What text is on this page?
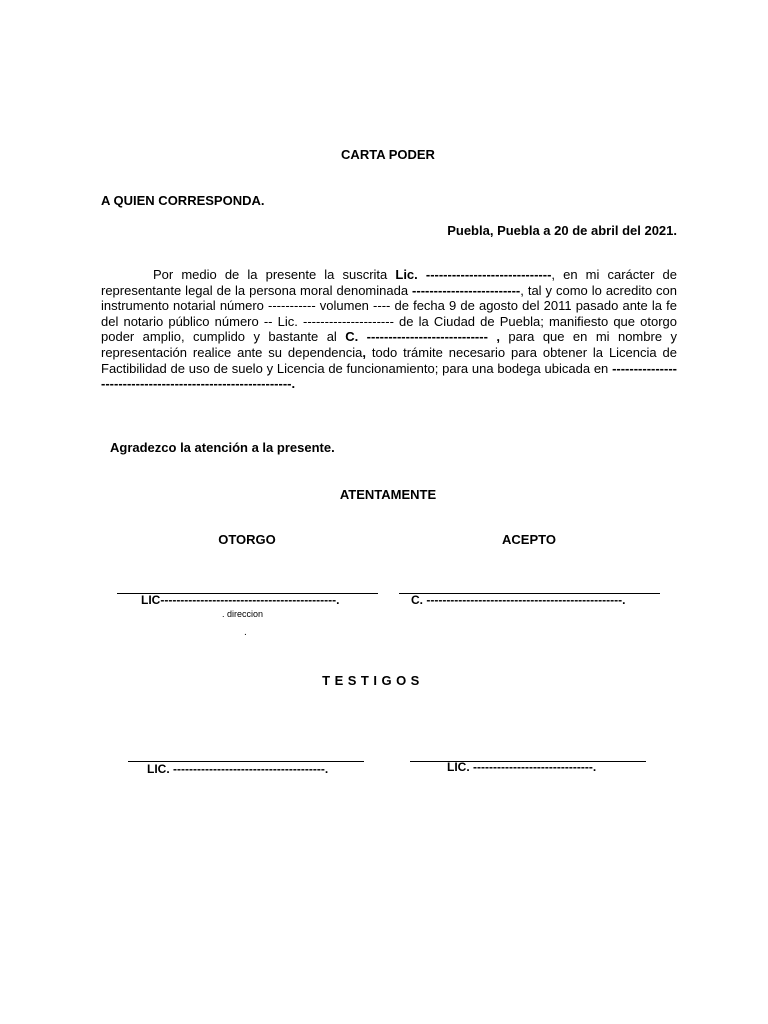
CARTA PODER
A QUIEN CORRESPONDA.
Puebla, Puebla a 20 de abril del 2021.
Por medio de la presente la suscrita Lic. -----------------------------, en mi carácter de representante legal de la persona moral denominada -------------------------, tal y como lo acredito con instrumento notarial número ----------- volumen ---- de fecha 9 de agosto del 2011 pasado ante la fe del notario público número -- Lic. --------------------- de la Ciudad de Puebla; manifiesto que otorgo poder amplio, cumplido y bastante al C. ---------------------------- , para que en mi nombre y representación realice ante su dependencia, todo trámite necesario para obtener la Licencia de Factibilidad de uso de suelo y Licencia de funcionamiento; para una bodega ubicada en -----------------------------------------------------------.
Agradezco la atención a la presente.
ATENTAMENTE
OTORGO	ACEPTO
LIC--------------------------------------------.	C. -------------------------------------------------.
. direccion
.
TESTIGOS
LIC. --------------------------------------.	LIC. ------------------------------.
